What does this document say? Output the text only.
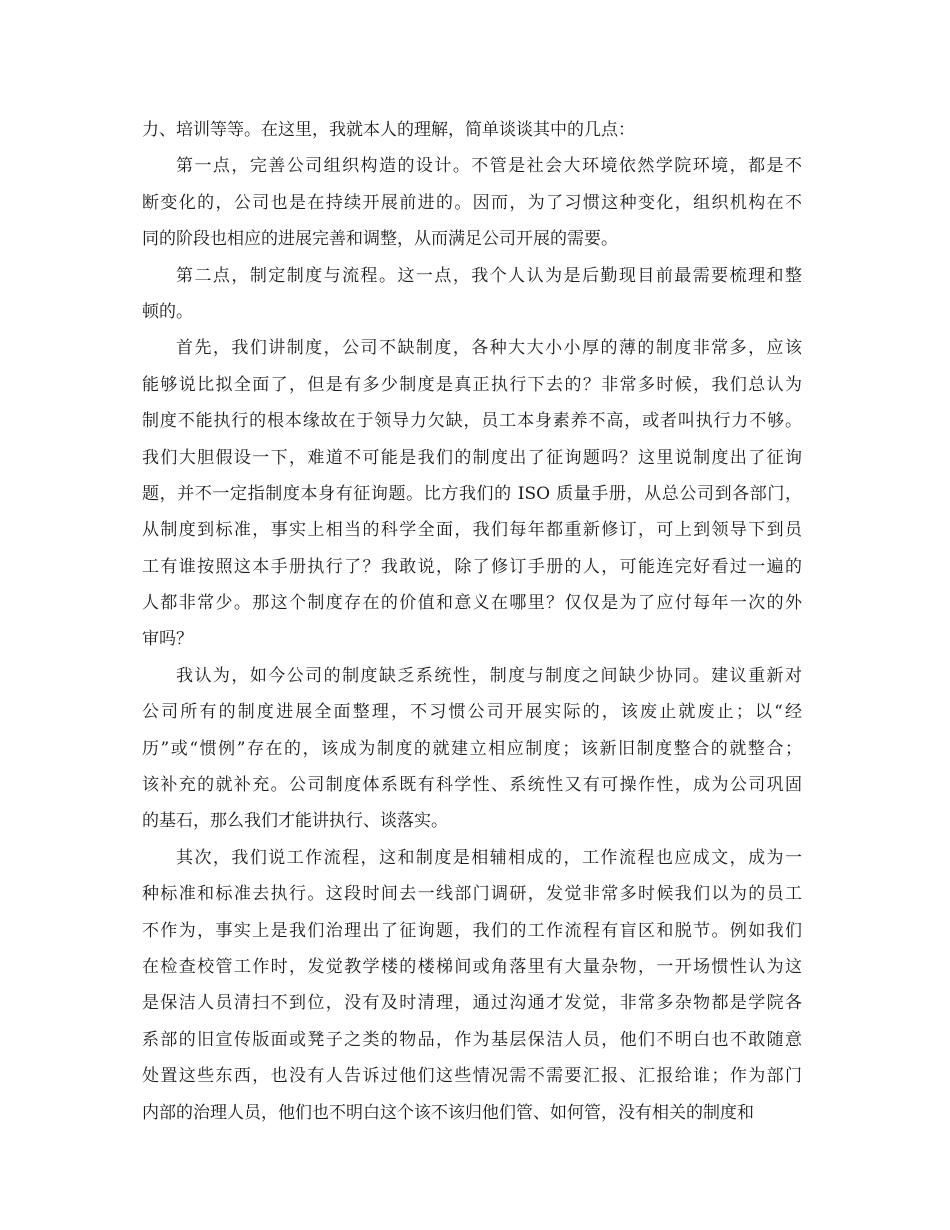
力、培训等等。在这里，我就本人的理解，简单谈谈其中的几点：
第一点，完善公司组织构造的设计。不管是社会大环境依然学院环境，都是不
断变化的，公司也是在持续开展前进的。因而，为了习惯这种变化，组织机构在不
同的阶段也相应的进展完善和调整，从而满足公司开展的需要。
第二点，制定制度与流程。这一点，我个人认为是后勤现目前最需要梳理和整
顿的。
首先，我们讲制度，公司不缺制度，各种大大小小厚的薄的制度非常多，应该
能够说比拟全面了，但是有多少制度是真正执行下去的？非常多时候，我们总认为
制度不能执行的根本缘故在于领导力欠缺，员工本身素养不高，或者叫执行力不够。
我们大胆假设一下，难道不可能是我们的制度出了征询题吗？这里说制度出了征询
题，并不一定指制度本身有征询题。比方我们的 ISO 质量手册，从总公司到各部门，
从制度到标准，事实上相当的科学全面，我们每年都重新修订，可上到领导下到员
工有谁按照这本手册执行了？我敢说，除了修订手册的人，可能连完好看过一遍的
人都非常少。那这个制度存在的价值和意义在哪里？仅仅是为了应付每年一次的外
审吗？
我认为，如今公司的制度缺乏系统性，制度与制度之间缺少协同。建议重新对
公司所有的制度进展全面整理，不习惯公司开展实际的，该废止就废止；以“经
历”或“惯例”存在的，该成为制度的就建立相应制度；该新旧制度整合的就整合；
该补充的就补充。公司制度体系既有科学性、系统性又有可操作性，成为公司巩固
的基石，那么我们才能讲执行、谈落实。
其次，我们说工作流程，这和制度是相辅相成的，工作流程也应成文，成为一
种标准和标准去执行。这段时间去一线部门调研，发觉非常多时候我们以为的员工
不作为，事实上是我们治理出了征询题，我们的工作流程有盲区和脱节。例如我们
在检查校管工作时，发觉教学楼的楼梯间或角落里有大量杂物，一开场惯性认为这
是保洁人员清扫不到位，没有及时清理，通过沟通才发觉，非常多杂物都是学院各
系部的旧宣传版面或凳子之类的物品，作为基层保洁人员，他们不明白也不敢随意
处置这些东西，也没有人告诉过他们这些情况需不需要汇报、汇报给谁；作为部门
内部的治理人员，他们也不明白这个该不该归他们管、如何管，没有相关的制度和
